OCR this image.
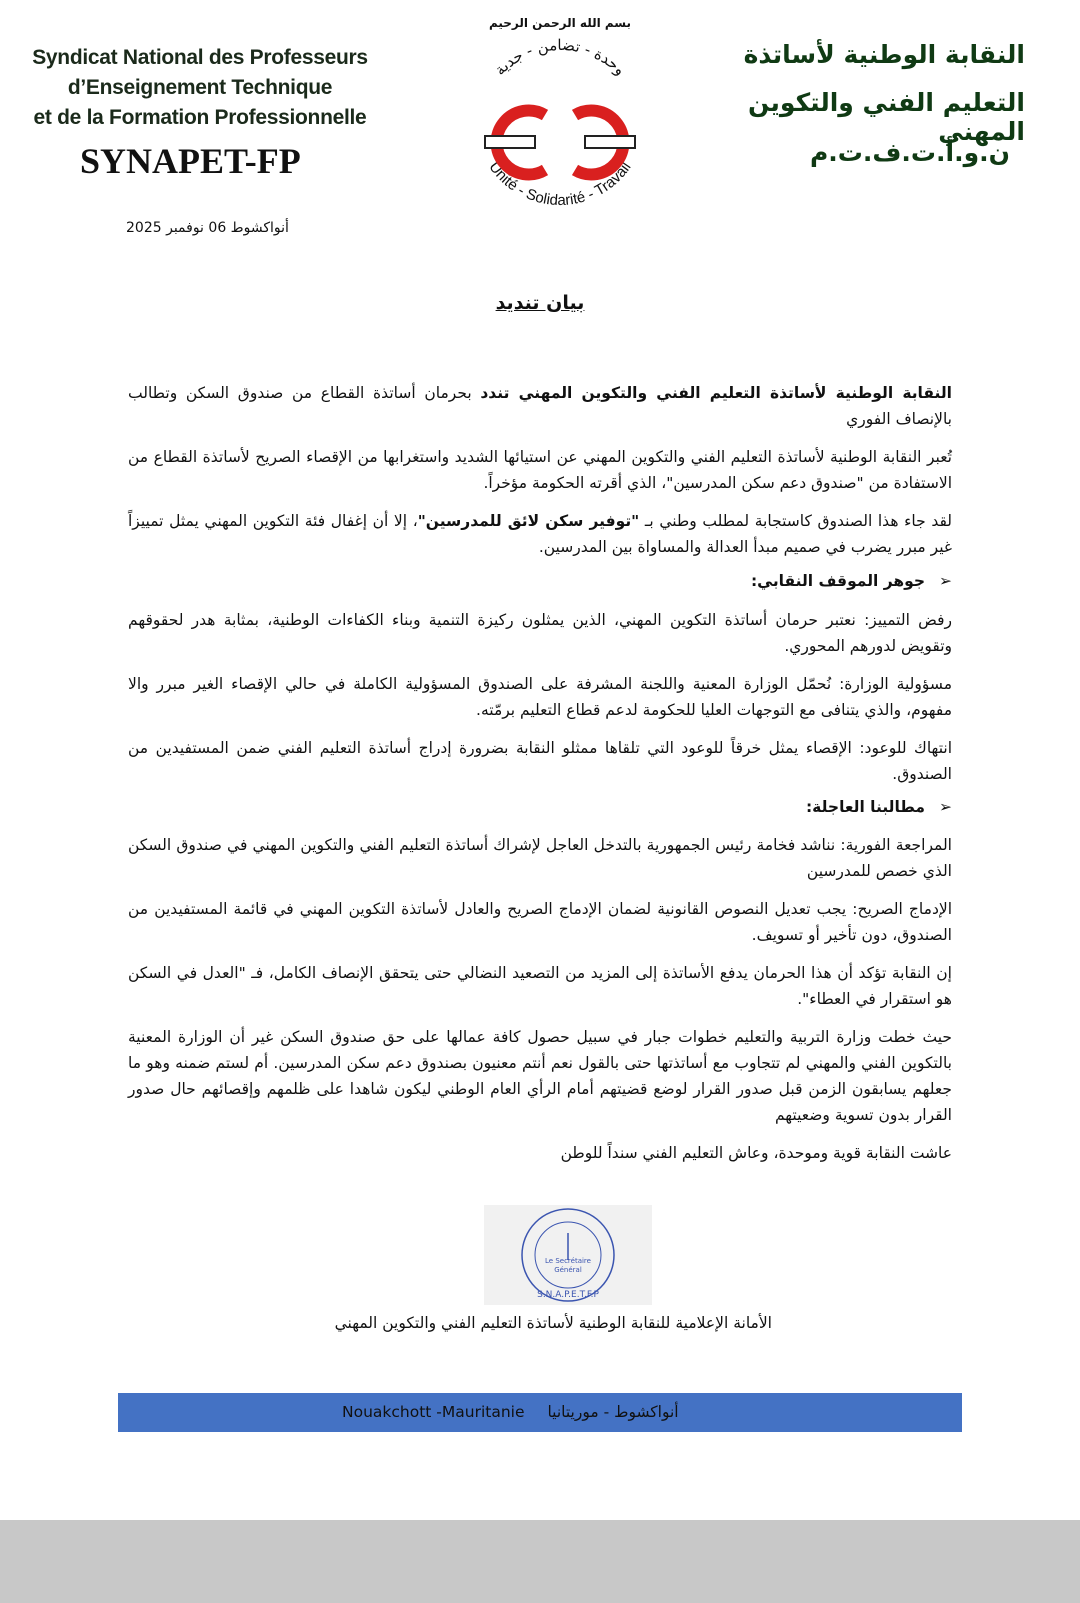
Syndicat National des Professeurs
d’Enseignement Technique
et de la Formation Professionnelle
SYNAPET-FP
النقابة الوطنية لأساتذة
التعليم الفني والتكوين المهني
ن.و.أ.ت.ف.ت.م
بسم الله الرحمن الرحيم
وحدة - تضامن - جدية
Unité - Solidarité - Travail
أنواكشوط 06 نوفمبر 2025
بيان تنديد
النقابة الوطنية لأساتذة التعليم الفني والتكوين المهني تندد بحرمان أساتذة القطاع من صندوق السكن وتطالب بالإنصاف الفوري
تُعبر النقابة الوطنية لأساتذة التعليم الفني والتكوين المهني عن استيائها الشديد واستغرابها من الإقصاء الصريح لأساتذة القطاع من الاستفادة من "صندوق دعم سكن المدرسين"، الذي أقرته الحكومة مؤخراً.
لقد جاء هذا الصندوق كاستجابة لمطلب وطني بـ "توفير سكن لائق للمدرسين"، إلا أن إغفال فئة التكوين المهني يمثل تمييزاً غير مبرر يضرب في صميم مبدأ العدالة والمساواة بين المدرسين.
➢جوهر الموقف النقابي:
رفض التمييز: نعتبر حرمان أساتذة التكوين المهني، الذين يمثلون ركيزة التنمية وبناء الكفاءات الوطنية، بمثابة هدر لحقوقهم وتقويض لدورهم المحوري.
مسؤولية الوزارة: نُحمّل الوزارة المعنية واللجنة المشرفة على الصندوق المسؤولية الكاملة في حالي الإقصاء الغير مبرر والا مفهوم، والذي يتنافى مع التوجهات العليا للحكومة لدعم قطاع التعليم برمّته.
انتهاك للوعود: الإقصاء يمثل خرقاً للوعود التي تلقاها ممثلو النقابة بضرورة إدراج أساتذة التعليم الفني ضمن المستفيدين من الصندوق.
➢مطالبنا العاجلة:
المراجعة الفورية: نناشد فخامة رئيس الجمهورية بالتدخل العاجل لإشراك أساتذة التعليم الفني والتكوين المهني في صندوق السكن الذي خصص للمدرسين
الإدماج الصريح: يجب تعديل النصوص القانونية لضمان الإدماج الصريح والعادل لأساتذة التكوين المهني في قائمة المستفيدين من الصندوق، دون تأخير أو تسويف.
إن النقابة تؤكد أن هذا الحرمان يدفع الأساتذة إلى المزيد من التصعيد النضالي حتى يتحقق الإنصاف الكامل، فـ "العدل في السكن هو استقرار في العطاء".
حيث خطت وزارة التربية والتعليم خطوات جبار في سبيل حصول كافة عمالها على حق صندوق السكن غير أن الوزارة المعنية بالتكوين الفني والمهني لم تتجاوب مع أساتذتها حتى بالقول نعم أنتم معنيون بصندوق دعم سكن المدرسين. أم لستم ضمنه وهو ما جعلهم يسابقون الزمن قبل صدور القرار لوضع قضيتهم أمام الرأي العام الوطني ليكون شاهدا على ظلمهم وإقصائهم حال صدور القرار بدون تسوية وضعيتهم
عاشت النقابة قوية وموحدة، وعاش التعليم الفني سنداً للوطن
Le Secrétaire
Général
S.N.A.P.E.T.F.P
الأمانة الإعلامية للنقابة الوطنية لأساتذة التعليم الفني والتكوين المهني
Nouakchott -Mauritanie أنواكشوط - موريتانيا
